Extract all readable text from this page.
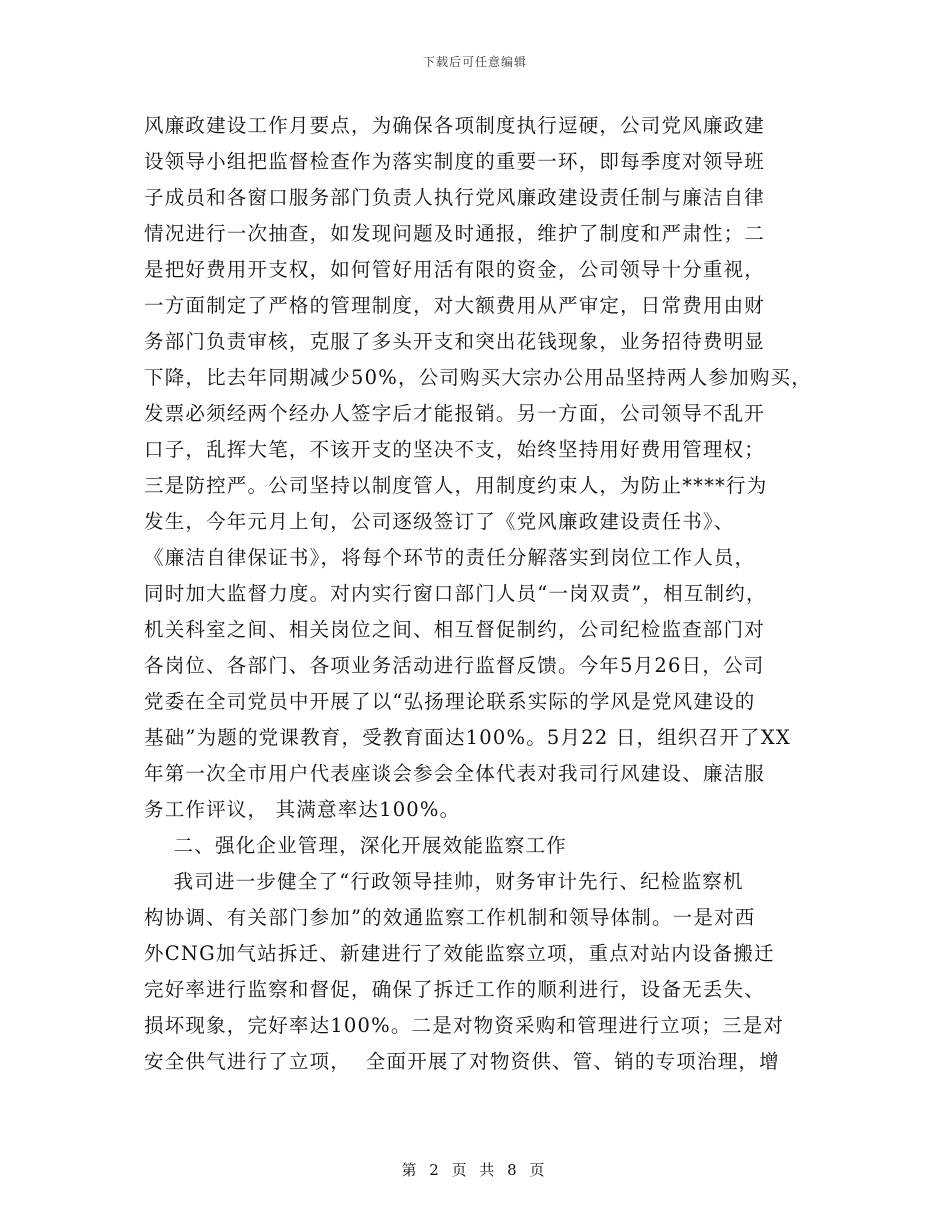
下载后可任意编辑
风廉政建设工作月要点，为确保各项制度执行逗硬，公司党风廉政建
设领导小组把监督检查作为落实制度的重要一环，即每季度对领导班
子成员和各窗口服务部门负责人执行党风廉政建设责任制与廉洁自律
情况进行一次抽查，如发现问题及时通报，维护了制度和严肃性；二
是把好费用开支权，如何管好用活有限的资金，公司领导十分重视，
一方面制定了严格的管理制度，对大额费用从严审定，日常费用由财
务部门负责审核，克服了多头开支和突出花钱现象，业务招待费明显
下降，比去年同期减少50%，公司购买大宗办公用品坚持两人参加购买，
发票必须经两个经办人签字后才能报销。另一方面，公司领导不乱开
口子，乱挥大笔，不该开支的坚决不支，始终坚持用好费用管理权；
三是防控严。公司坚持以制度管人，用制度约束人，为防止****行为
发生，今年元月上旬，公司逐级签订了《党风廉政建设责任书》、
《廉洁自律保证书》，将每个环节的责任分解落实到岗位工作人员，
同时加大监督力度。对内实行窗口部门人员“一岗双责”，相互制约，
机关科室之间、相关岗位之间、相互督促制约，公司纪检监查部门对
各岗位、各部门、各项业务活动进行监督反馈。今年5月26日，公司
党委在全司党员中开展了以“弘扬理论联系实际的学风是党风建设的
基础”为题的党课教育，受教育面达100%。5月22 日，组织召开了XX
年第一次全市用户代表座谈会参会全体代表对我司行风建设、廉洁服
务工作评议， 其满意率达100%。
二、强化企业管理，深化开展效能监察工作
我司进一步健全了“行政领导挂帅，财务审计先行、纪检监察机
构协调、有关部门参加”的效通监察工作机制和领导体制。一是对西
外CNG加气站拆迁、新建进行了效能监察立项，重点对站内设备搬迁
完好率进行监察和督促，确保了拆迁工作的顺利进行，设备无丢失、
损坏现象，完好率达100%。二是对物资采购和管理进行立项；三是对
安全供气进行了立项，  全面开展了对物资供、管、销的专项治理，增
第 2 页 共 8 页
